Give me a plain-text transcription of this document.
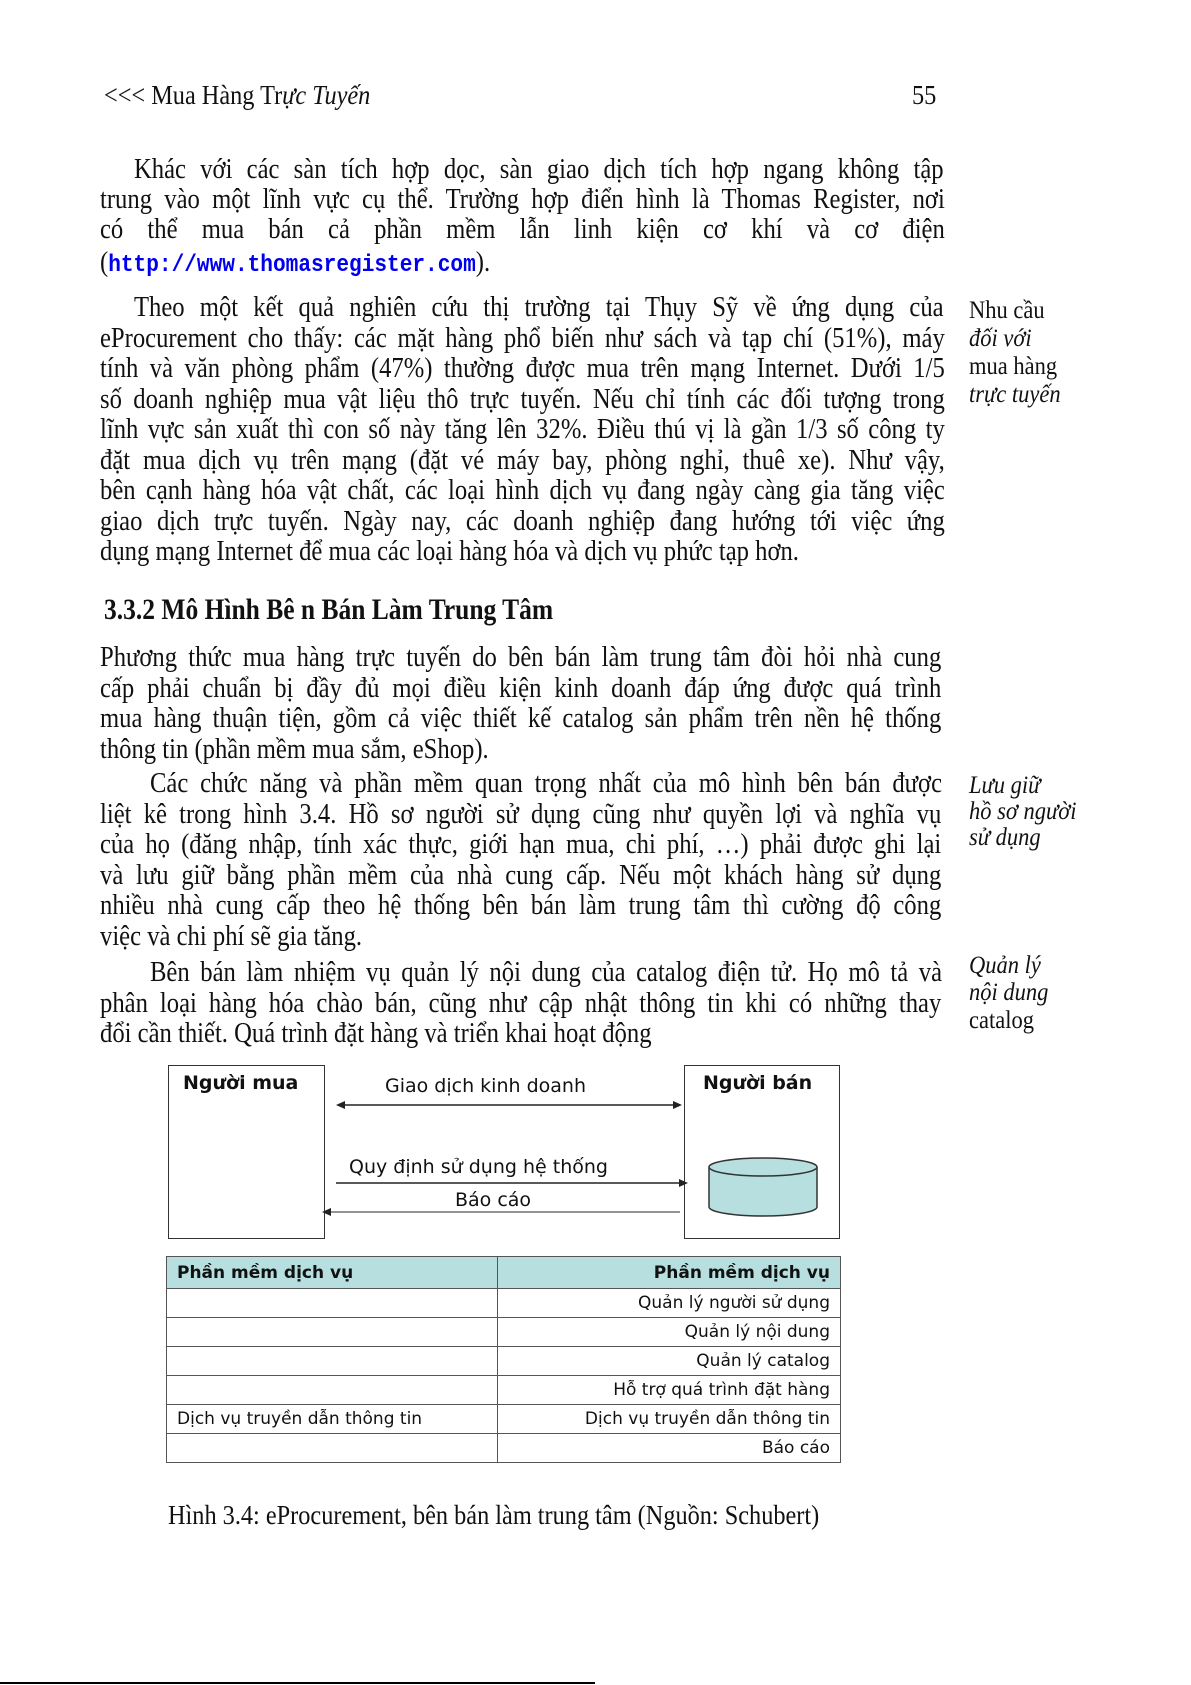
<<< Mua Hàng Trực Tuyến	55
Khác với các sàn tích hợp dọc, sàn giao dịch tích hợp ngang không tập
trung vào một lĩnh vực cụ thể. Trường hợp điển hình là Thomas Register, nơi
có thể mua bán cả phần mềm lẫn linh kiện cơ khí và cơ điện
(http://www.thomasregister.com).
Theo một kết quả nghiên cứu thị trường tại Thụy Sỹ về ứng dụng của
eProcurement cho thấy: các mặt hàng phổ biến như sách và tạp chí (51%), máy
tính và văn phòng phẩm (47%) thường được mua trên mạng Internet. Dưới 1/5
số doanh nghiệp mua vật liệu thô trực tuyến. Nếu chỉ tính các đối tượng trong
lĩnh vực sản xuất thì con số này tăng lên 32%. Điều thú vị là gần 1/3 số công ty
đặt mua dịch vụ trên mạng (đặt vé máy bay, phòng nghỉ, thuê xe). Như vậy,
bên cạnh hàng hóa vật chất, các loại hình dịch vụ đang ngày càng gia tăng việc
giao dịch trực tuyến. Ngày nay, các doanh nghiệp đang hướng tới việc ứng
dụng mạng Internet để mua các loại hàng hóa và dịch vụ phức tạp hơn.
3.3.2 Mô Hình Bê n Bán Làm Trung Tâm
Phương thức mua hàng trực tuyến do bên bán làm trung tâm đòi hỏi nhà cung
cấp phải chuẩn bị đầy đủ mọi điều kiện kinh doanh đáp ứng được quá trình
mua hàng thuận tiện, gồm cả việc thiết kế catalog sản phẩm trên nền hệ thống
thông tin (phần mềm mua sắm, eShop).
Các chức năng và phần mềm quan trọng nhất của mô hình bên bán được
liệt kê trong hình 3.4. Hồ sơ người sử dụng cũng như quyền lợi và nghĩa vụ
của họ (đăng nhập, tính xác thực, giới hạn mua, chi phí, …) phải được ghi lại
và lưu giữ bằng phần mềm của nhà cung cấp. Nếu một khách hàng sử dụng
nhiều nhà cung cấp theo hệ thống bên bán làm trung tâm thì cường độ công
việc và chi phí sẽ gia tăng.
Bên bán làm nhiệm vụ quản lý nội dung của catalog điện tử. Họ mô tả và
phân loại hàng hóa chào bán, cũng như cập nhật thông tin khi có những thay
đổi cần thiết. Quá trình đặt hàng và triển khai hoạt động
Nhu cầu
đối với
mua hàng
trực tuyến
Lưu giữ
hồ sơ người
sử dụng
Quản lý
nội dung
catalog
Người mua	Người bán
Giao dịch kinh doanh
Quy định sử dụng hệ thống
Báo cáo
Phần mềm dịch vụ	Phần mềm dịch vụ
	Quản lý người sử dụng
	Quản lý nội dung
	Quản lý catalog
	Hỗ trợ quá trình đặt hàng
Dịch vụ truyền dẫn thông tin	Dịch vụ truyền dẫn thông tin
	Báo cáo
Hình 3.4: eProcurement, bên bán làm trung tâm (Nguồn: Schubert)
